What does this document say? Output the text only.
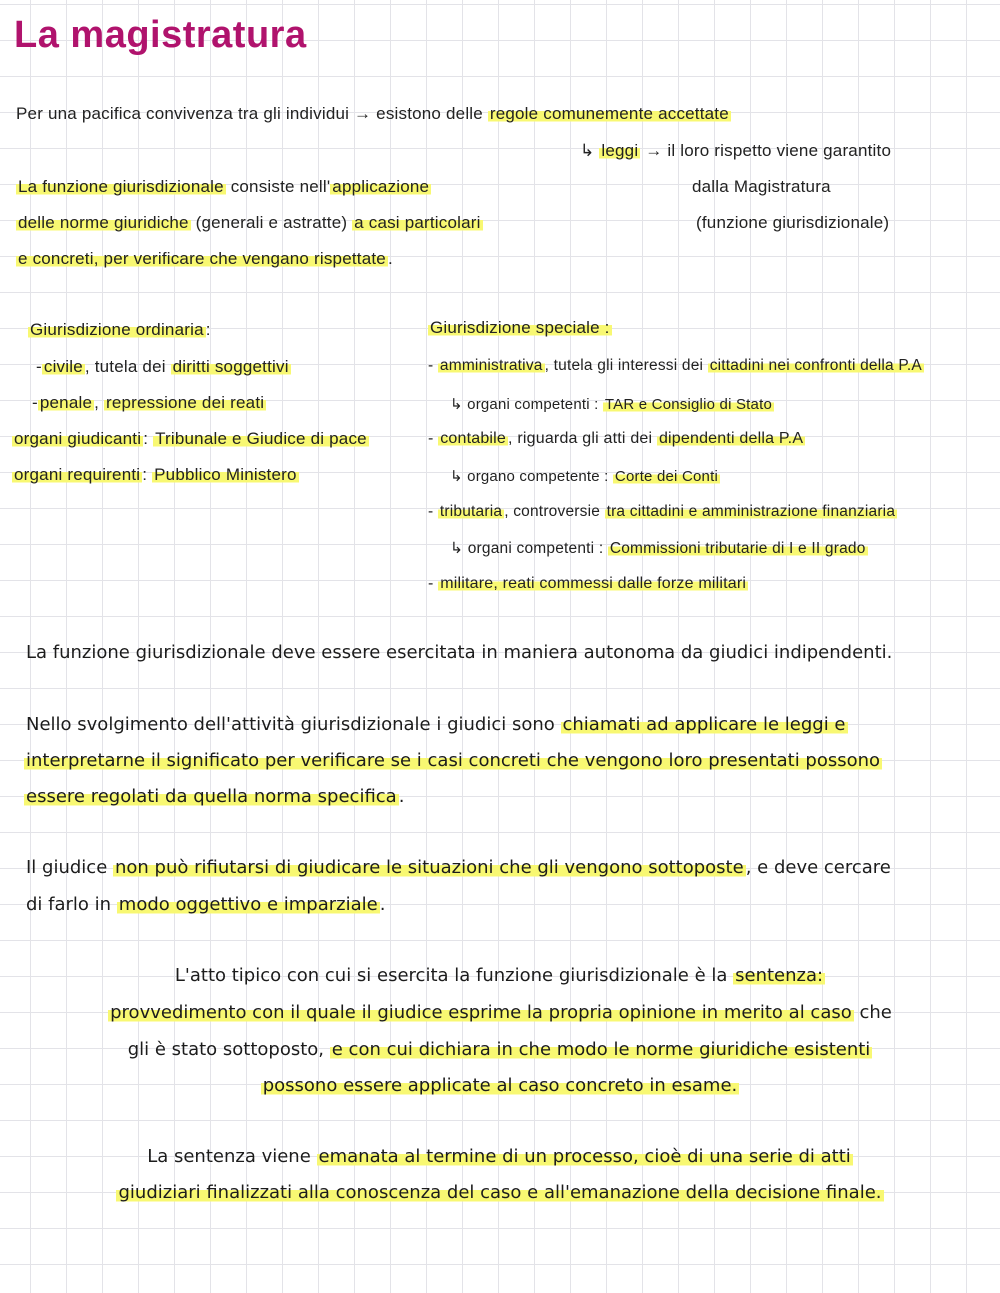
La magistratura
Per una pacifica convivenza tra gli individui → esistono delle regole comunemente accettate
↳ leggi → il loro rispetto viene garantito
dalla Magistratura
(funzione giurisdizionale)
La funzione giurisdizionale consiste nell' applicazione
delle norme giuridiche (generali e astratte) a casi particolari
e concreti, per verificare che vengano rispettate .
Giurisdizione ordinaria :
- civile , tutela dei diritti soggettivi
- penale , repressione dei reati
organi giudicanti : Tribunale e Giudice di pace
organi requirenti : Pubblico Ministero
Giurisdizione speciale :
- amministrativa , tutela gli interessi dei cittadini nei confronti della P.A
↳ organi competenti : TAR e Consiglio di Stato
- contabile , riguarda gli atti dei dipendenti della P.A
↳ organo competente : Corte dei Conti
- tributaria , controversie tra cittadini e amministrazione finanziaria
↳ organi competenti : Commissioni tributarie di I e II grado
- militare, reati commessi dalle forze militari
La funzione giurisdizionale deve essere esercitata in maniera autonoma da giudici indipendenti.
Nello svolgimento dell'attività giurisdizionale i giudici sono chiamati ad applicare le leggi e
interpretarne il significato per verificare se i casi concreti che vengono loro presentati possono
essere regolati da quella norma specifica .
Il giudice non può rifiutarsi di giudicare le situazioni che gli vengono sottoposte , e deve cercare
di farlo in modo oggettivo e imparziale .
L'atto tipico con cui si esercita la funzione giurisdizionale è la sentenza:
provvedimento con il quale il giudice esprime la propria opinione in merito al caso che
gli è stato sottoposto, e con cui dichiara in che modo le norme giuridiche esistenti
possono essere applicate al caso concreto in esame.
La sentenza viene emanata al termine di un processo, cioè di una serie di atti
giudiziari finalizzati alla conoscenza del caso e all'emanazione della decisione finale.
